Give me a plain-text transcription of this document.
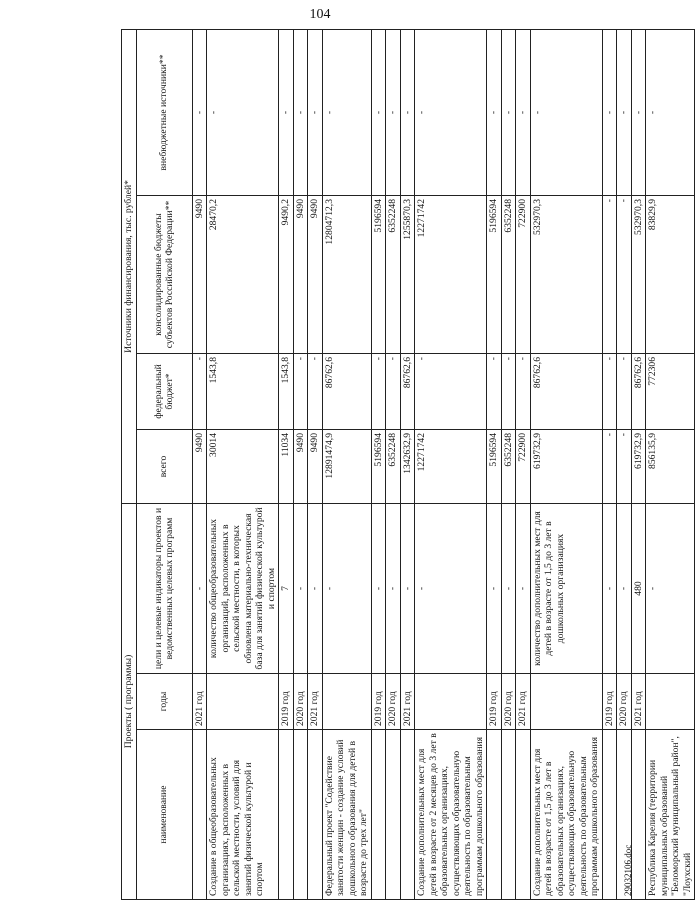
104
Проекты ( программы)			Источники финансирования, тыс. рублей*			
наименование	годы	цели и целевые индикаторы проектов и ведомственных целевых программ	всего	федеральный бюджет*	консолидированные бюджеты субъектов Российской Федерации**	внебюджетные источники**
	2021 год	-	9490	-	9490	-
Создание в общеобразовательных организациях, расположенных в сельской местности, условий для занятий физической культурой и спортом		количество общеобразовательных организаций, расположенных в сельской местности, в которых обновлена материально-техническая база для занятий физической культурой и спортом	30014	1543,8	28470,2	-
	2019 год	7	11034	1543,8	9490,2	-
	2020 год	-	9490	-	9490	-
	2021 год	-	9490	-	9490	-
Федеральный проект "Содействие занятости женщин - создание условий дошкольного образования для детей в возрасте до трех лет"		-	12891474,9	86762,6	12804712,3	-
	2019 год	-	5196594	-	5196594	-
	2020 год	-	6352248	-	6352248	-
	2021 год	-	1342632,9	86762,6	1255870,3	-
Создание дополнительных мест для детей в возрасте от 2 месяцев до 3 лет в образовательных организациях, осуществляющих образовательную деятельность по образовательным программам дошкольного образования		-	12271742	-	12271742	-
	2019 год	-	5196594	-	5196594	-
	2020 год	-	6352248	-	6352248	-
	2021 год	-	722900	-	722900	-
Создание дополнительных мест для детей в возрасте от 1,5 до 3 лет в образовательных организациях, осуществляющих образовательную деятельность по образовательным программам дошкольного образования		количество дополнительных мест для детей в возрасте от 1,5 до 3 лет в дошкольных организациях	619732,9	86762,6	532970,3	-
	2019 год	-	-	-	-	-
	2020 год	-	-	-	-	-
	2021 год	480	619732,9	86762,6	532970,3	-
Республика Карелия (территории муниципальных образований "Беломорский муниципальный район", "Лоухский		-	856135,9	772306	83829,9	-
29032106.doc
